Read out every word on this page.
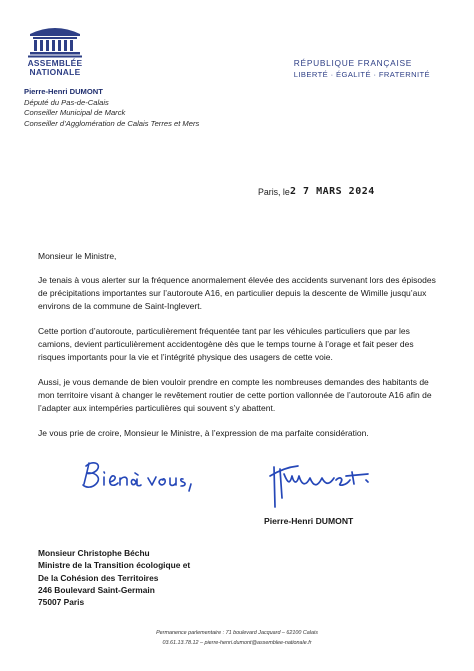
ASSEMBLÉE
NATIONALE
RÉPUBLIQUE FRANÇAISE
LIBERTÉ · ÉGALITÉ · FRATERNITÉ
Pierre-Henri DUMONT
Député du Pas-de-Calais
Conseiller Municipal de Marck
Conseiller d’Agglomération de Calais Terres et Mers
Paris, le 2 7 MARS 2024

Monsieur le Ministre,

Je tenais à vous alerter sur la fréquence anormalement élevée des accidents survenant lors des épisodes de précipitations importantes sur l’autoroute A16, en particulier depuis la descente de Wimille jusqu’aux environs de la commune de Saint-Inglevert.

Cette portion d’autoroute, particulièrement fréquentée tant par les véhicules particuliers que par les camions, devient particulièrement accidentogène dès que le temps tourne à l’orage et fait peser des risques importants pour la vie et l’intégrité physique des usagers de cette voie.

Aussi, je vous demande de bien vouloir prendre en compte les nombreuses demandes des habitants de mon territoire visant à changer le revêtement routier de cette portion vallonnée de l’autoroute A16 afin de l’adapter aux intempéries particulières qui souvent s’y abattent.

Je vous prie de croire, Monsieur le Ministre, à l’expression de ma parfaite considération.

Pierre-Henri DUMONT
Monsieur Christophe Béchu
Ministre de la Transition écologique et
De la Cohésion des Territoires
246 Boulevard Saint-Germain
75007 Paris
Permanence parlementaire : 71 boulevard Jacquard – 62100 Calais
03.61.13.78.12 – pierre-henri.dumont@assemblee-nationale.fr
